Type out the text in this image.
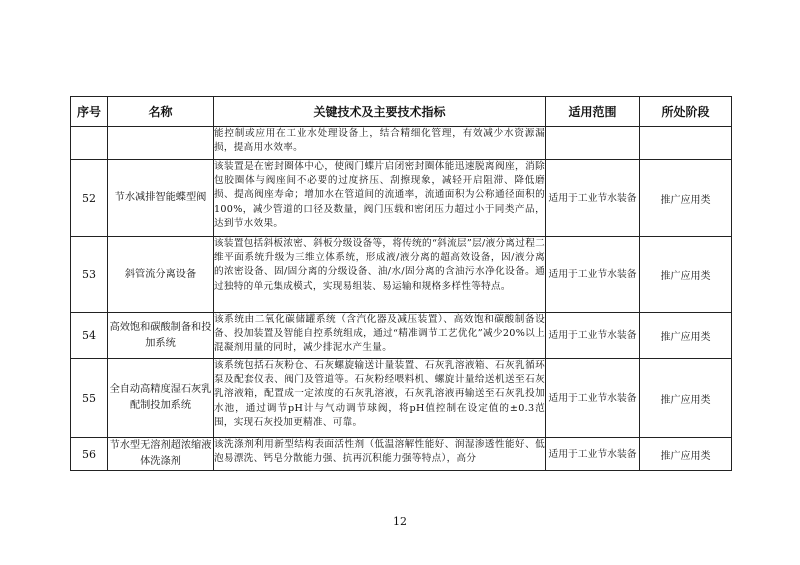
序号	名称	关键技术及主要技术指标	适用范围	所处阶段
		能控制或应用在工业水处理设备上，结合精细化管理，有效减少水资源漏损，提高用水效率。		
52	节水减排智能蝶型阀	该装置是在密封圈体中心，使阀门蝶片启闭密封圈体能迅速脱离阀座，消除包胶圈体与阀座间不必要的过度挤压、刮擦现象，减轻开启阻滞、降低磨损、提高阀座寿命；增加水在管道间的流通率，流通面积为公称通径面积的100%，减少管道的口径及数量，阀门压载和密闭压力超过小于同类产品，达到节水效果。	适用于工业节水装备	推广应用类
53	斜管流分离设备	该装置包括斜板浓密、斜板分级设备等，将传统的“斜流层”层/液分离过程二维平面系统升级为三维立体系统，形成液/液分离的超高效设备，因/液分离的浓密设备、固/固分离的分级设备、油/水/固分离的含油污水净化设备。通过独特的单元集成模式，实现易组装、易运输和规格多样性等特点。	适用于工业节水装备	推广应用类
54	高效饱和碳酸制备和投加系统	该系统由二氧化碳储罐系统（含汽化器及减压装置）、高效饱和碳酸制备设备、投加装置及智能自控系统组成，通过“精准调节工艺优化”减少20%以上混凝剂用量的同时，减少排泥水产生量。	适用于工业节水装备	推广应用类
55	全自动高精度湿石灰乳配制投加系统	该系统包括石灰粉仓、石灰螺旋输送计量装置、石灰乳溶液箱、石灰乳循环泵及配套仪表、阀门及管道等。石灰粉经喂料机、螺旋计量给送机送至石灰乳溶液箱，配置成一定浓度的石灰乳溶液，石灰乳溶液再输送至石灰乳投加水池，通过调节pH计与气动调节球阀，将pH值控制在设定值的±0.3范围，实现石灰投加更精准、可靠。	适用于工业节水装备	推广应用类
56	节水型无溶剂超浓缩液体洗涤剂	该洗涤剂利用新型结构表面活性剂（低温溶解性能好、润湿渗透性能好、低泡易漂洗、钙皂分散能力强、抗再沉积能力强等特点），高分	适用于工业节水装备	推广应用类
12
